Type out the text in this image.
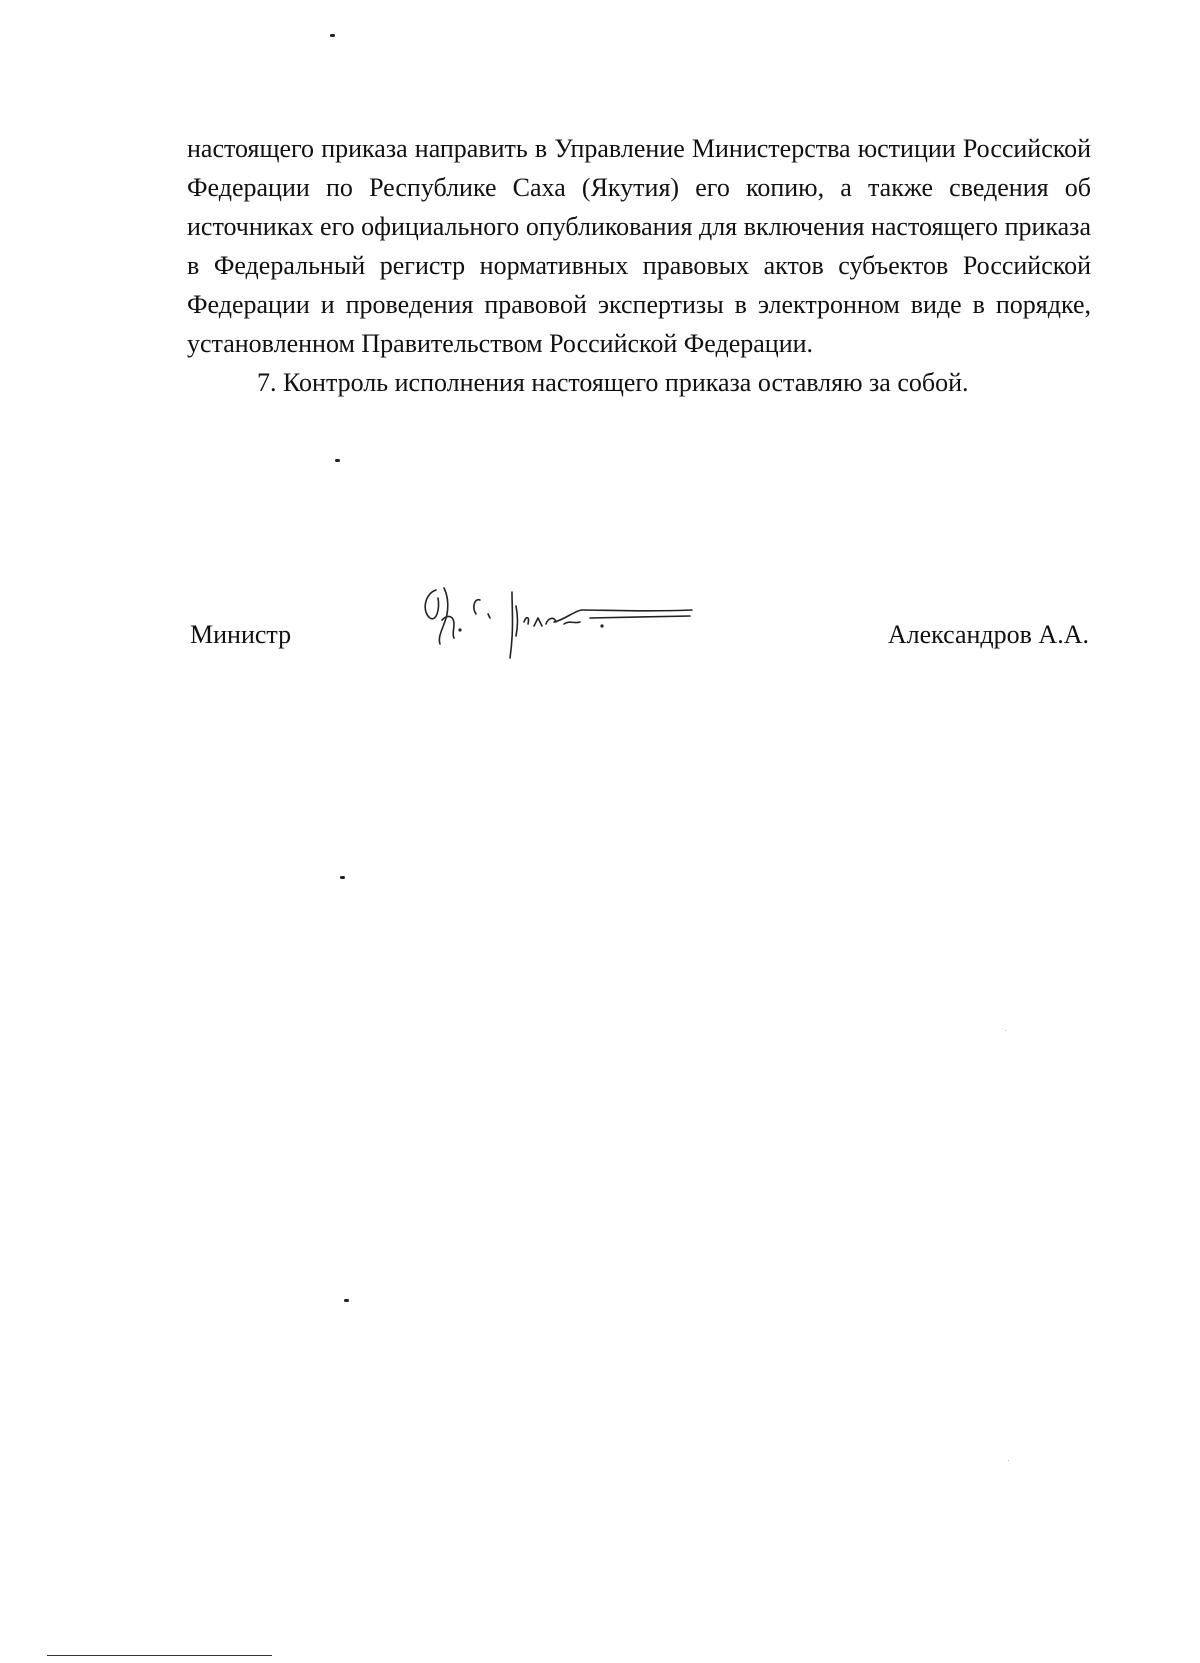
настоящего приказа направить в Управление Министерства юстиции Российской Федерации по Республике Саха (Якутия) его копию, а также сведения об источниках его официального опубликования для включения настоящего приказа в Федеральный регистр нормативных правовых актов субъектов Российской Федерации и проведения правовой экспертизы в электронном виде в порядке, установленном Правительством Российской Федерации.

7. Контроль исполнения настоящего приказа оставляю за собой.

Министр	Александров А.А.
